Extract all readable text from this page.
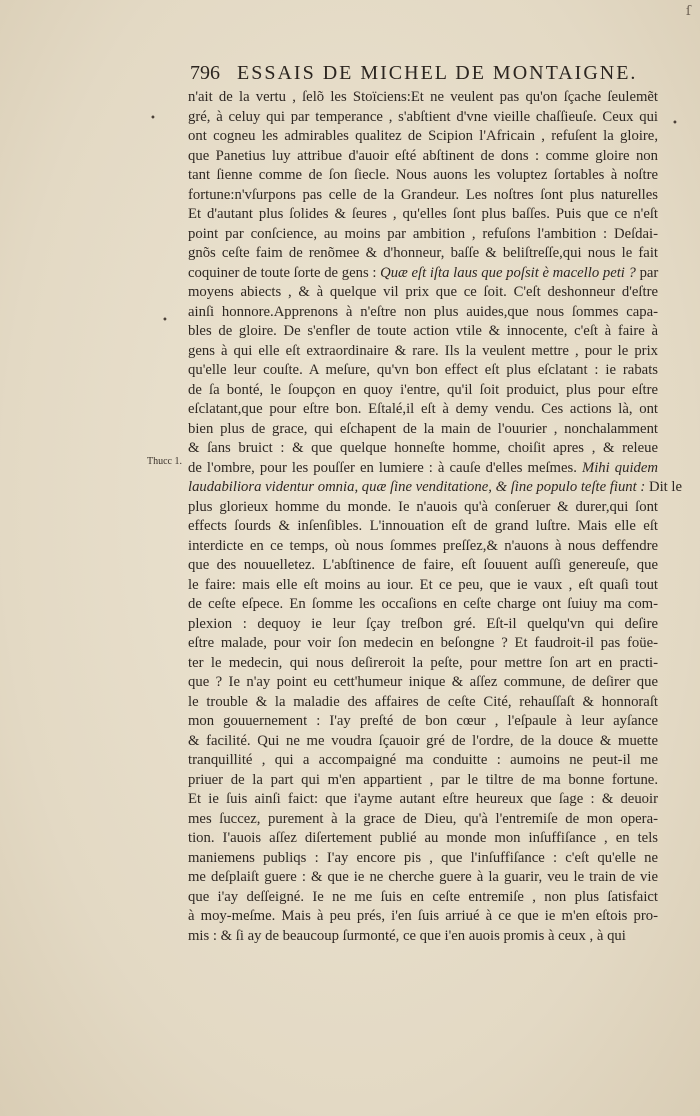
ſ
796 ESSAIS DE MICHEL DE MONTAIGNE.
•
•
•
Thucc 1.
n'ait de la vertu , ſelõ les Stoïciens:Et ne veulent pas qu'on ſçache ſeulemẽt
gré, à celuy qui par temperance , s'abſtient d'vne vieille chaſſieuſe. Ceux qui
ont cogneu les admirables qualitez de Scipion l'Africain , refuſent la gloire,
que Panetius luy attribue d'auoir eſté abſtinent de dons : comme gloire non
tant ſienne comme de ſon ſiecle. Nous auons les voluptez ſortables à noſtre
fortune:n'vſurpons pas celle de la Grandeur. Les noſtres ſont plus naturelles
Et d'autant plus ſolides & ſeures , qu'elles ſont plus baſſes. Puis que ce n'eſt
point par conſcience, au moins par ambition , refuſons l'ambition : Deſdai-
gnõs ceſte faim de renõmee & d'honneur, baſſe & beliſtreſſe,qui nous le fait
coquiner de toute ſorte de gens : Quæ eſt iſta laus que poſsit è macello peti ? par
moyens abiects , & à quelque vil prix que ce ſoit. C'eſt deshonneur d'eſtre
ainſi honnore.Apprenons à n'eſtre non plus auides,que nous ſommes capa-
bles de gloire. De s'enfler de toute action vtile & innocente, c'eſt à faire à
gens à qui elle eſt extraordinaire & rare. Ils la veulent mettre , pour le prix
qu'elle leur couſte. A meſure, qu'vn bon effect eſt plus eſclatant : ie rabats
de ſa bonté, le ſoupçon en quoy i'entre, qu'il ſoit produict, plus pour eſtre
eſclatant,que pour eſtre bon. Eſtalé,il eſt à demy vendu. Ces actions là, ont
bien plus de grace, qui eſchapent de la main de l'ouurier , nonchalamment
& ſans bruict : & que quelque honneſte homme, choiſit apres , & releue
de l'ombre, pour les pouſſer en lumiere : à cauſe d'elles meſmes. Mihi quidem
laudabiliora videntur omnia, quæ ſine venditatione, & ſine populo teſte fiunt : Dit le
plus glorieux homme du monde. Ie n'auois qu'à conſeruer & durer,qui ſont
effects ſourds & inſenſibles. L'innouation eſt de grand luſtre. Mais elle eſt
interdicte en ce temps, où nous ſommes preſſez,& n'auons à nous deffendre
que des nouuelletez. L'abſtinence de faire, eſt ſouuent auſſi genereuſe, que
le faire: mais elle eſt moins au iour. Et ce peu, que ie vaux , eſt quaſi tout
de ceſte eſpece. En ſomme les occaſions en ceſte charge ont ſuiuy ma com-
plexion : dequoy ie leur ſçay treſbon gré. Eſt-il quelqu'vn qui deſire
eſtre malade, pour voir ſon medecin en beſongne ? Et faudroit-il pas foüe-
ter le medecin, qui nous deſireroit la peſte, pour mettre ſon art en practi-
que ? Ie n'ay point eu cett'humeur inique & aſſez commune, de deſirer que
le trouble & la maladie des affaires de ceſte Cité, rehauſſaſt & honnoraſt
mon gouuernement : I'ay preſté de bon cœur , l'eſpaule à leur ayſance
& facilité. Qui ne me voudra ſçauoir gré de l'ordre, de la douce & muette
tranquillité , qui a accompaigné ma conduitte : aumoins ne peut-il me
priuer de la part qui m'en appartient , par le tiltre de ma bonne fortune.
Et ie ſuis ainſi faict: que i'ayme autant eſtre heureux que ſage : & deuoir
mes ſuccez, purement à la grace de Dieu, qu'à l'entremiſe de mon opera-
tion. I'auois aſſez diſertement publié au monde mon inſuffiſance , en tels
maniemens publiqs : I'ay encore pis , que l'inſuffiſance : c'eſt qu'elle ne
me deſplaiſt guere : & que ie ne cherche guere à la guarir, veu le train de vie
que i'ay deſſeigné. Ie ne me ſuis en ceſte entremiſe , non plus ſatisfaict
à moy-meſme. Mais à peu prés, i'en ſuis arriué à ce que ie m'en eſtois pro-
mis : & ſi ay de beaucoup ſurmonté, ce que i'en auois promis à ceux , à qui
